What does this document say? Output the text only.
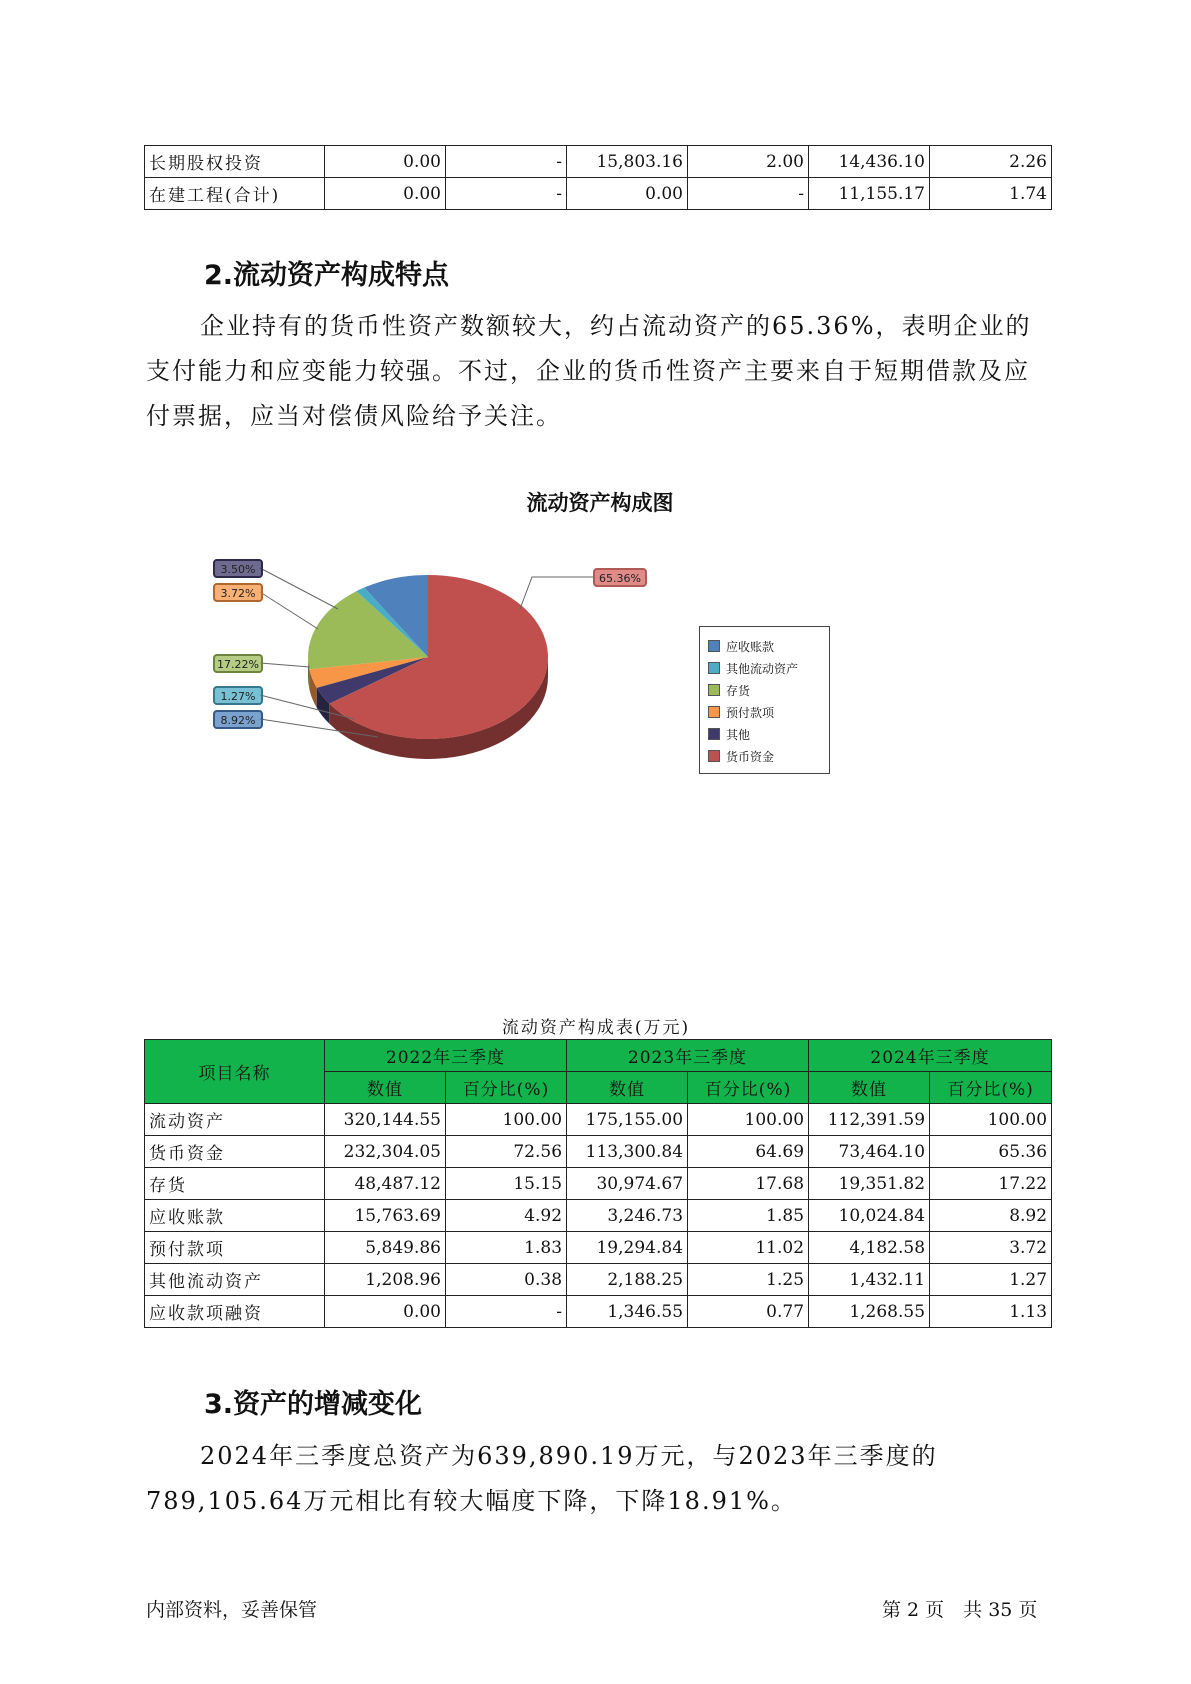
长期股权投资	0.00	-	15,803.16	2.00	14,436.10	2.26
在建工程(合计)	0.00	-	0.00	-	11,155.17	1.74
2.流动资产构成特点
企业持有的货币性资产数额较大，约占流动资产的65.36%，表明企业的支付能力和应变能力较强。不过，企业的货币性资产主要来自于短期借款及应付票据，应当对偿债风险给予关注。
流动资产构成图
3.50%
3.72%
17.22%
1.27%
8.92%
65.36%
应收账款
其他流动资产
存货
预付款项
其他
货币资金
流动资产构成表(万元)
项目名称	2022年三季度		2023年三季度		2024年三季度	
	数值	百分比(%)	数值	百分比(%)	数值	百分比(%)
流动资产	320,144.55	100.00	175,155.00	100.00	112,391.59	100.00
货币资金	232,304.05	72.56	113,300.84	64.69	73,464.10	65.36
存货	48,487.12	15.15	30,974.67	17.68	19,351.82	17.22
应收账款	15,763.69	4.92	3,246.73	1.85	10,024.84	8.92
预付款项	5,849.86	1.83	19,294.84	11.02	4,182.58	3.72
其他流动资产	1,208.96	0.38	2,188.25	1.25	1,432.11	1.27
应收款项融资	0.00	-	1,346.55	0.77	1,268.55	1.13
3.资产的增减变化
2024年三季度总资产为639,890.19万元，与2023年三季度的789,105.64万元相比有较大幅度下降，下降18.91%。
内部资料，妥善保管	第 2 页　共 35 页
